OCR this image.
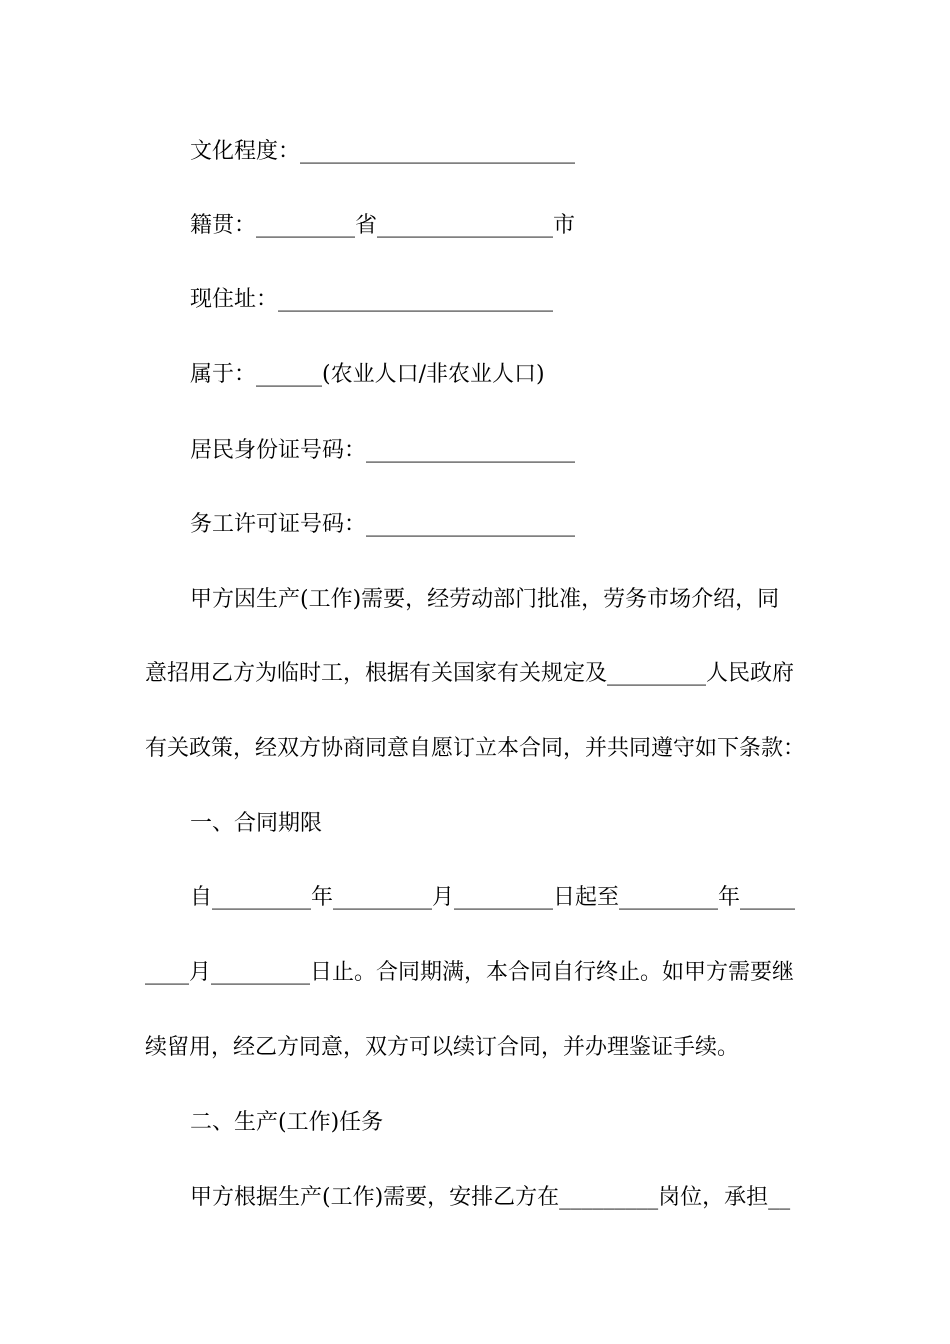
文化程度：_________________________
籍贯：_________省________________市
现住址：_________________________
属于：______(农业人口/非农业人口)
居民身份证号码：___________________
务工许可证号码：___________________
甲方因生产(工作)需要，经劳动部门批准，劳务市场介绍，同
意招用乙方为临时工，根据有关国家有关规定及_________人民政府
有关政策，经双方协商同意自愿订立本合同，并共同遵守如下条款：
一、合同期限
自_________年_________月_________日起至_________年_____
____月_________日止。合同期满，本合同自行终止。如甲方需要继
续留用，经乙方同意，双方可以续订合同，并办理鉴证手续。
二、生产(工作)任务
甲方根据生产(工作)需要，安排乙方在_________岗位，承担__
